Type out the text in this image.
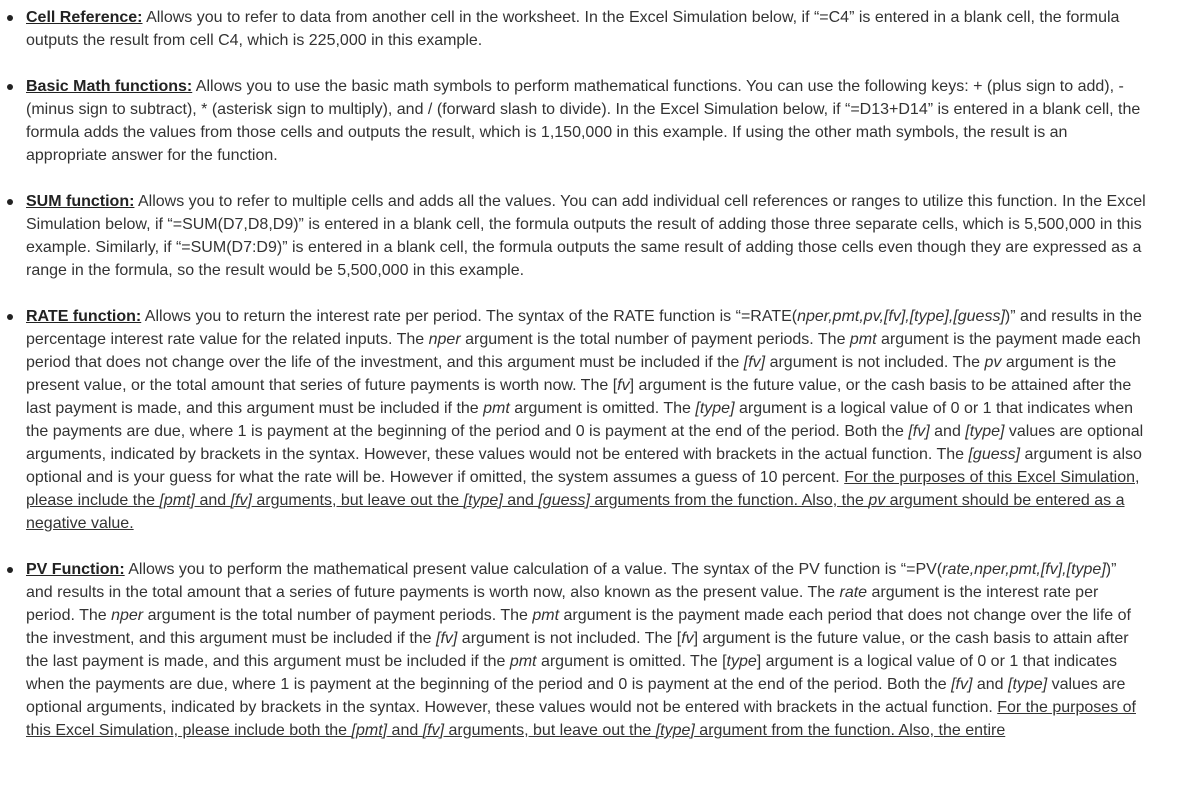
Cell Reference: Allows you to refer to data from another cell in the worksheet. In the Excel Simulation below, if “=C4” is entered in a blank cell, the formula outputs the result from cell C4, which is 225,000 in this example.
Basic Math functions: Allows you to use the basic math symbols to perform mathematical functions. You can use the following keys: + (plus sign to add), - (minus sign to subtract), * (asterisk sign to multiply), and / (forward slash to divide). In the Excel Simulation below, if “=D13+D14” is entered in a blank cell, the formula adds the values from those cells and outputs the result, which is 1,150,000 in this example. If using the other math symbols, the result is an appropriate answer for the function.
SUM function: Allows you to refer to multiple cells and adds all the values. You can add individual cell references or ranges to utilize this function. In the Excel Simulation below, if “=SUM(D7,D8,D9)” is entered in a blank cell, the formula outputs the result of adding those three separate cells, which is 5,500,000 in this example. Similarly, if “=SUM(D7:D9)” is entered in a blank cell, the formula outputs the same result of adding those cells even though they are expressed as a range in the formula, so the result would be 5,500,000 in this example.
RATE function: Allows you to return the interest rate per period. The syntax of the RATE function is “=RATE(nper,pmt,pv,[fv],[type],[guess])” and results in the percentage interest rate value for the related inputs. The nper argument is the total number of payment periods. The pmt argument is the payment made each period that does not change over the life of the investment, and this argument must be included if the [fv] argument is not included. The pv argument is the present value, or the total amount that series of future payments is worth now. The [fv] argument is the future value, or the cash basis to be attained after the last payment is made, and this argument must be included if the pmt argument is omitted. The [type] argument is a logical value of 0 or 1 that indicates when the payments are due, where 1 is payment at the beginning of the period and 0 is payment at the end of the period. Both the [fv] and [type] values are optional arguments, indicated by brackets in the syntax. However, these values would not be entered with brackets in the actual function. The [guess] argument is also optional and is your guess for what the rate will be. However if omitted, the system assumes a guess of 10 percent. For the purposes of this Excel Simulation, please include the [pmt] and [fv] arguments, but leave out the [type] and [guess] arguments from the function. Also, the pv argument should be entered as a negative value.
PV Function: Allows you to perform the mathematical present value calculation of a value. The syntax of the PV function is “=PV(rate,nper,pmt,[fv],[type])” and results in the total amount that a series of future payments is worth now, also known as the present value. The rate argument is the interest rate per period. The nper argument is the total number of payment periods. The pmt argument is the payment made each period that does not change over the life of the investment, and this argument must be included if the [fv] argument is not included. The [fv] argument is the future value, or the cash basis to attain after the last payment is made, and this argument must be included if the pmt argument is omitted. The [type] argument is a logical value of 0 or 1 that indicates when the payments are due, where 1 is payment at the beginning of the period and 0 is payment at the end of the period. Both the [fv] and [type] values are optional arguments, indicated by brackets in the syntax. However, these values would not be entered with brackets in the actual function. For the purposes of this Excel Simulation, please include both the [pmt] and [fv] arguments, but leave out the [type] argument from the function. Also, the entire
